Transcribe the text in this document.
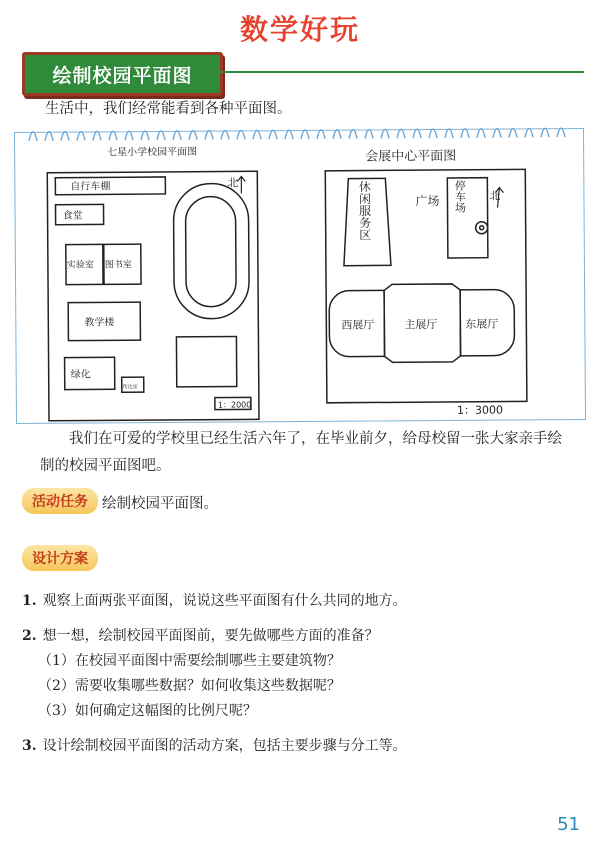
数学好玩
绘制校园平面图
生活中，我们经常能看到各种平面图。
七星小学校园平面图
自行车棚
食堂
实验室 图书室
教学楼
绿化
传达室
北
1：2000
会展中心平面图
广场	北
西展厅	主展厅	东展厅
1：3000
休闲服务区	停车场
我们在可爱的学校里已经生活六年了，在毕业前夕，给母校留一张大家亲手绘制的校园平面图吧。
活动任务 绘制校园平面图。
设计方案
1. 观察上面两张平面图，说说这些平面图有什么共同的地方。
2. 想一想，绘制校园平面图前，要先做哪些方面的准备？
（1）在校园平面图中需要绘制哪些主要建筑物？
（2）需要收集哪些数据？如何收集这些数据呢？
（3）如何确定这幅图的比例尺呢？
3. 设计绘制校园平面图的活动方案，包括主要步骤与分工等。
51
